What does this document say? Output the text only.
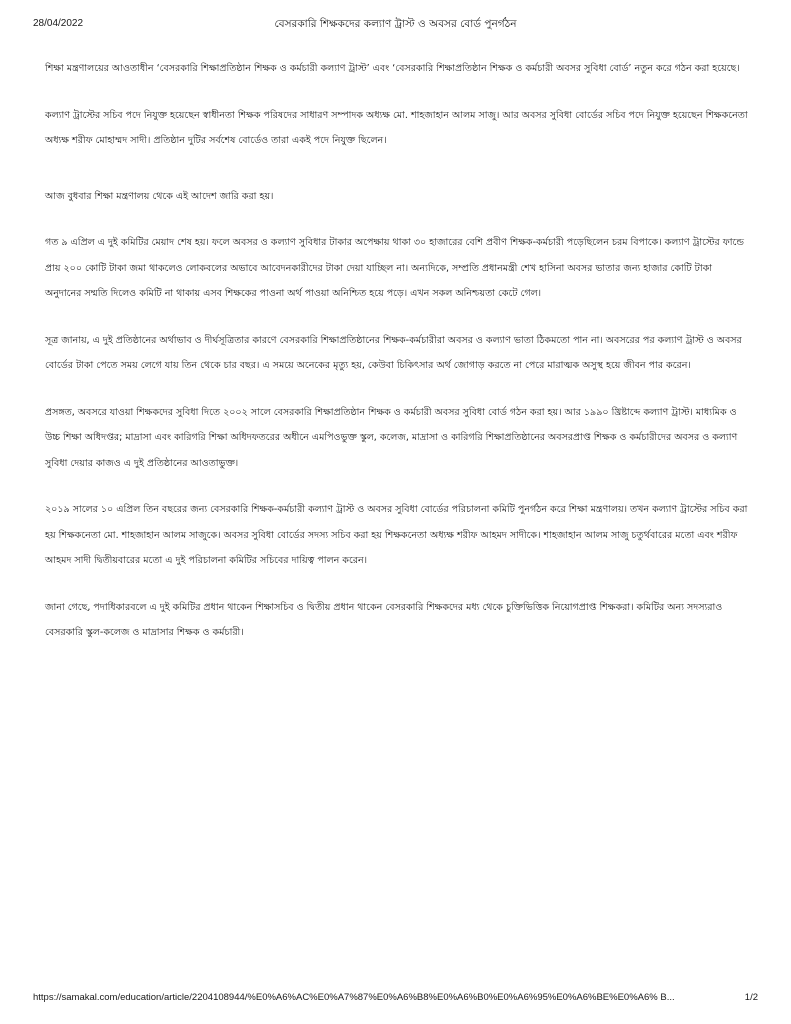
28/04/2022	বেসরকারি শিক্ষকদের কল্যাণ ট্রাস্ট ও অবসর বোর্ড পুনর্গঠন

শিক্ষা মন্ত্রণালয়ের আওতাধীন ‘বেসরকারি শিক্ষাপ্রতিষ্ঠান শিক্ষক ও কর্মচারী কল্যাণ ট্রাস্ট’ এবং ‘বেসরকারি শিক্ষাপ্রতিষ্ঠান শিক্ষক ও কর্মচারী অবসর সুবিধা বোর্ড’ নতুন করে গঠন করা হয়েছে।

কল্যাণ ট্রাস্টের সচিব পদে নিযুক্ত হয়েছেন স্বাধীনতা শিক্ষক পরিষদের সাধারণ সম্পাদক অধ্যক্ষ মো. শাহজাহান আলম সাজু। আর অবসর সুবিধা বোর্ডের সচিব পদে নিযুক্ত হয়েছেন শিক্ষকনেতা অধ্যক্ষ শরীফ মোহাম্মদ সাদী। প্রতিষ্ঠান দুটির সর্বশেষ বোর্ডেও তারা একই পদে নিযুক্ত ছিলেন।

আজ বুধবার শিক্ষা মন্ত্রণালয় থেকে এই আদেশ জারি করা হয়।

গত ৯ এপ্রিল এ দুই কমিটির মেয়াদ শেষ হয়। ফলে অবসর ও কল্যাণ সুবিধার টাকার অপেক্ষায় থাকা ৩০ হাজারের বেশি প্রবীণ শিক্ষক-কর্মচারী পড়েছিলেন চরম বিপাকে। কল্যাণ ট্রাস্টের ফান্ডে প্রায় ২০০ কোটি টাকা জমা থাকলেও লোকবলের অভাবে আবেদনকারীদের টাকা দেয়া যাচ্ছিল না। অন্যদিকে, সম্প্রতি প্রধানমন্ত্রী শেখ হাসিনা অবসর ভাতার জন্য হাজার কোটি টাকা অনুদানের সম্মতি দিলেও কমিটি না থাকায় এসব শিক্ষকের পাওনা অর্থ পাওয়া অনিশ্চিত হয়ে পড়ে। এখন সকল অনিশ্চয়তা কেটে গেল।

সূত্র জানায়, এ দুই প্রতিষ্ঠানের অর্থাভাব ও দীর্ঘসূত্রিতার কারণে বেসরকারি শিক্ষাপ্রতিষ্ঠানের শিক্ষক-কর্মচারীরা অবসর ও কল্যাণ ভাতা ঠিকমতো পান না। অবসরের পর কল্যাণ ট্রাস্ট ও অবসর বোর্ডের টাকা পেতে সময় লেগে যায় তিন থেকে চার বছর। এ সময়ে অনেকের মৃত্যু হয়, কেউবা চিকিৎসার অর্থ জোগাড় করতে না পেরে মারাত্মক অসুস্থ হয়ে জীবন পার করেন।

প্রসঙ্গত, অবসরে যাওয়া শিক্ষকদের সুবিধা দিতে ২০০২ সালে বেসরকারি শিক্ষাপ্রতিষ্ঠান শিক্ষক ও কর্মচারী অবসর সুবিধা বোর্ড গঠন করা হয়। আর ১৯৯০ খ্রিষ্টাব্দে কল্যাণ ট্রাস্ট। মাধ্যমিক ও উচ্চ শিক্ষা অধিদপ্তর; মাদ্রাসা এবং কারিগরি শিক্ষা অধিদফতরের অধীনে এমপিওভুক্ত স্কুল, কলেজ, মাদ্রাসা ও কারিগরি শিক্ষাপ্রতিষ্ঠানের অবসরপ্রাপ্ত শিক্ষক ও কর্মচারীদের অবসর ও কল্যাণ সুবিধা দেয়ার কাজও এ দুই প্রতিষ্ঠানের আওতাভুক্ত।

২০১৯ সালের ১০ এপ্রিল তিন বছরের জন্য বেসরকারি শিক্ষক-কর্মচারী কল্যাণ ট্রাস্ট ও অবসর সুবিধা বোর্ডের পরিচালনা কমিটি পুনর্গঠন করে শিক্ষা মন্ত্রণালয়। তখন কল্যাণ ট্রাস্টের সচিব করা হয় শিক্ষকনেতা মো. শাহজাহান আলম সাজুকে। অবসর সুবিধা বোর্ডের সদস্য সচিব করা হয় শিক্ষকনেতা অধ্যক্ষ শরীফ আহমদ সাদীকে। শাহজাহান আলম সাজু চতুর্থবারের মতো এবং শরীফ আহমদ সাদী দ্বিতীয়বারের মতো এ দুই পরিচালনা কমিটির সচিবের দায়িত্ব পালন করেন।

জানা গেছে, পদাধিকারবলে এ দুই কমিটির প্রধান থাকেন শিক্ষাসচিব ও দ্বিতীয় প্রধান থাকেন বেসরকারি শিক্ষকদের মধ্য থেকে চুক্তিভিত্তিক নিয়োগপ্রাপ্ত শিক্ষকরা। কমিটির অন্য সদস্যরাও বেসরকারি স্কুল-কলেজ ও মাদ্রাসার শিক্ষক ও কর্মচারী।

https://samakal.com/education/article/2204108944/%E0%A6%AC%E0%A7%87%E0%A6%B8%E0%A6%B0%E0%A6%95%E0%A6%BE%E0%A6% B...	1/2
